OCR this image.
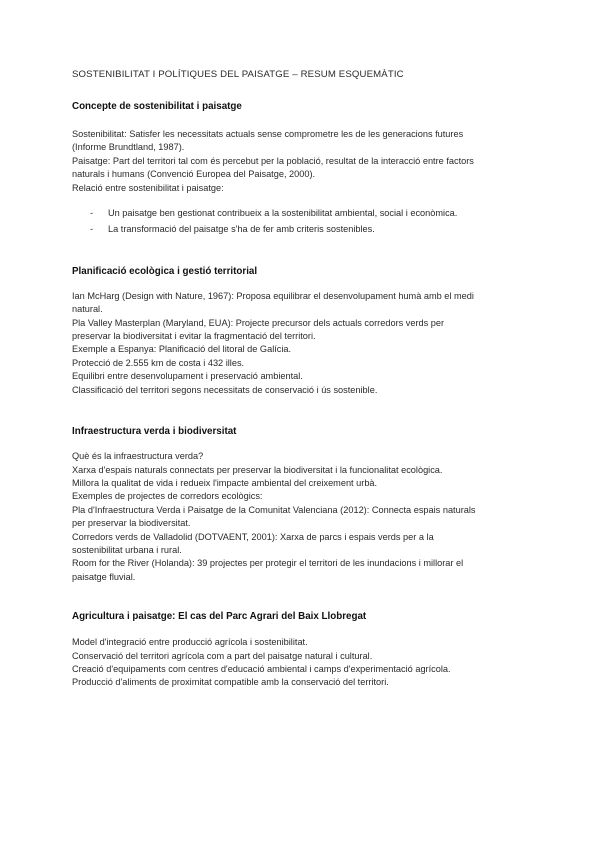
SOSTENIBILITAT I POLÍTIQUES DEL PAISATGE – RESUM ESQUEMÀTIC

Concepte de sostenibilitat i paisatge

Sostenibilitat: Satisfer les necessitats actuals sense comprometre les de les generacions futures

(Informe Brundtland, 1987).

Paisatge: Part del territori tal com és percebut per la població, resultat de la interacció entre factors

naturals i humans (Convenció Europea del Paisatge, 2000).

Relació entre sostenibilitat i paisatge:

- Un paisatge ben gestionat contribueix a la sostenibilitat ambiental, social i econòmica.

- La transformació del paisatge s'ha de fer amb criteris sostenibles.

Planificació ecològica i gestió territorial

Ian McHarg (Design with Nature, 1967): Proposa equilibrar el desenvolupament humà amb el medi

natural.

Pla Valley Masterplan (Maryland, EUA): Projecte precursor dels actuals corredors verds per

preservar la biodiversitat i evitar la fragmentació del territori.

Exemple a Espanya: Planificació del litoral de Galícia.

Protecció de 2.555 km de costa i 432 illes.

Equilibri entre desenvolupament i preservació ambiental.

Classificació del territori segons necessitats de conservació i ús sostenible.

Infraestructura verda i biodiversitat

Què és la infraestructura verda?

Xarxa d'espais naturals connectats per preservar la biodiversitat i la funcionalitat ecològica.

Millora la qualitat de vida i redueix l'impacte ambiental del creixement urbà.

Exemples de projectes de corredors ecològics:

Pla d'Infraestructura Verda i Paisatge de la Comunitat Valenciana (2012): Connecta espais naturals

per preservar la biodiversitat.

Corredors verds de Valladolid (DOTVAENT, 2001): Xarxa de parcs i espais verds per a la

sostenibilitat urbana i rural.

Room for the River (Holanda): 39 projectes per protegir el territori de les inundacions i millorar el

paisatge fluvial.

Agricultura i paisatge: El cas del Parc Agrari del Baix Llobregat

Model d'integració entre producció agrícola i sostenibilitat.

Conservació del territori agrícola com a part del paisatge natural i cultural.

Creació d'equipaments com centres d'educació ambiental i camps d'experimentació agrícola.

Producció d'aliments de proximitat compatible amb la conservació del territori.
